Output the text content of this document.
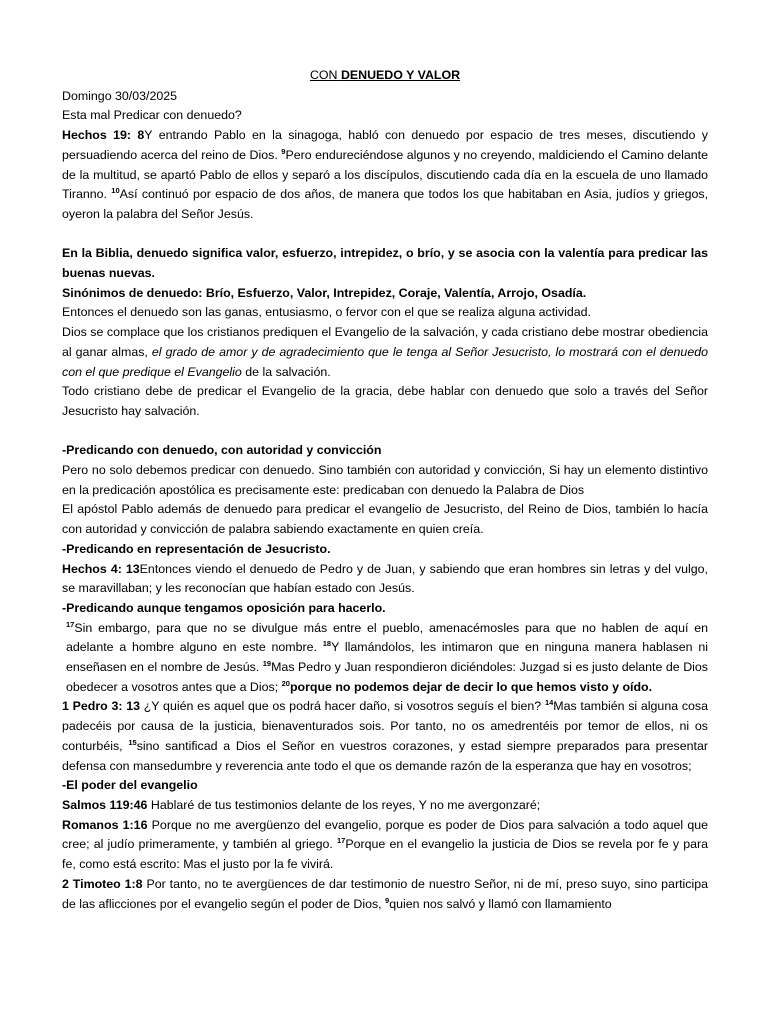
CON DENUEDO Y VALOR

Domingo 30/03/2025

Esta mal Predicar con denuedo?

Hechos 19: 8Y entrando Pablo en la sinagoga, habló con denuedo por espacio de tres meses, discutiendo y persuadiendo acerca del reino de Dios. $^9$Pero endureciéndose algunos y no creyendo, maldiciendo el Camino delante de la multitud, se apartó Pablo de ellos y separó a los discípulos, discutiendo cada día en la escuela de uno llamado Tiranno. $^{10}$Así continuó por espacio de dos años, de manera que todos los que habitaban en Asia, judíos y griegos, oyeron la palabra del Señor Jesús.

En la Biblia, denuedo significa valor, esfuerzo, intrepidez, o brío, y se asocia con la valentía para predicar las buenas nuevas.

Sinónimos de denuedo: Brío, Esfuerzo, Valor, Intrepidez, Coraje, Valentía, Arrojo, Osadía.

Entonces el denuedo son las ganas, entusiasmo, o fervor con el que se realiza alguna actividad.

Dios se complace que los cristianos prediquen el Evangelio de la salvación, y cada cristiano debe mostrar obediencia al ganar almas, el grado de amor y de agradecimiento que le tenga al Señor Jesucristo, lo mostrará con el denuedo con el que predique el Evangelio de la salvación.

Todo cristiano debe de predicar el Evangelio de la gracia, debe hablar con denuedo que solo a través del Señor Jesucristo hay salvación.

-Predicando con denuedo, con autoridad y convicción

Pero no solo debemos predicar con denuedo. Sino también con autoridad y convicción, Si hay un elemento distintivo en la predicación apostólica es precisamente este: predicaban con denuedo la Palabra de Dios

El apóstol Pablo además de denuedo para predicar el evangelio de Jesucristo, del Reino de Dios, también lo hacía con autoridad y convicción de palabra sabiendo exactamente en quien creía.

-Predicando en representación de Jesucristo.

Hechos 4: 13Entonces viendo el denuedo de Pedro y de Juan, y sabiendo que eran hombres sin letras y del vulgo, se maravillaban; y les reconocían que habían estado con Jesús.

-Predicando aunque tengamos oposición para hacerlo.

$^{17}$Sin embargo, para que no se divulgue más entre el pueblo, amenacémosles para que no hablen de aquí en adelante a hombre alguno en este nombre. $^{18}$Y llamándolos, les intimaron que en ninguna manera hablasen ni enseñasen en el nombre de Jesús. $^{19}$Mas Pedro y Juan respondieron diciéndoles: Juzgad si es justo delante de Dios obedecer a vosotros antes que a Dios; $^{20}$porque no podemos dejar de decir lo que hemos visto y oído.

1 Pedro 3: 13 ¿Y quién es aquel que os podrá hacer daño, si vosotros seguís el bien? $^{14}$Mas también si alguna cosa padecéis por causa de la justicia, bienaventurados sois. Por tanto, no os amedrentéis por temor de ellos, ni os conturbéis, $^{15}$sino santificad a Dios el Señor en vuestros corazones, y estad siempre preparados para presentar defensa con mansedumbre y reverencia ante todo el que os demande razón de la esperanza que hay en vosotros;

-El poder del evangelio

Salmos 119:46 Hablaré de tus testimonios delante de los reyes, Y no me avergonzaré;

Romanos 1:16 Porque no me avergüenzo del evangelio, porque es poder de Dios para salvación a todo aquel que cree; al judío primeramente, y también al griego. $^{17}$Porque en el evangelio la justicia de Dios se revela por fe y para fe, como está escrito: Mas el justo por la fe vivirá.

2 Timoteo 1:8 Por tanto, no te avergüences de dar testimonio de nuestro Señor, ni de mí, preso suyo, sino participa de las aflicciones por el evangelio según el poder de Dios, $^9$quien nos salvó y llamó con llamamiento
